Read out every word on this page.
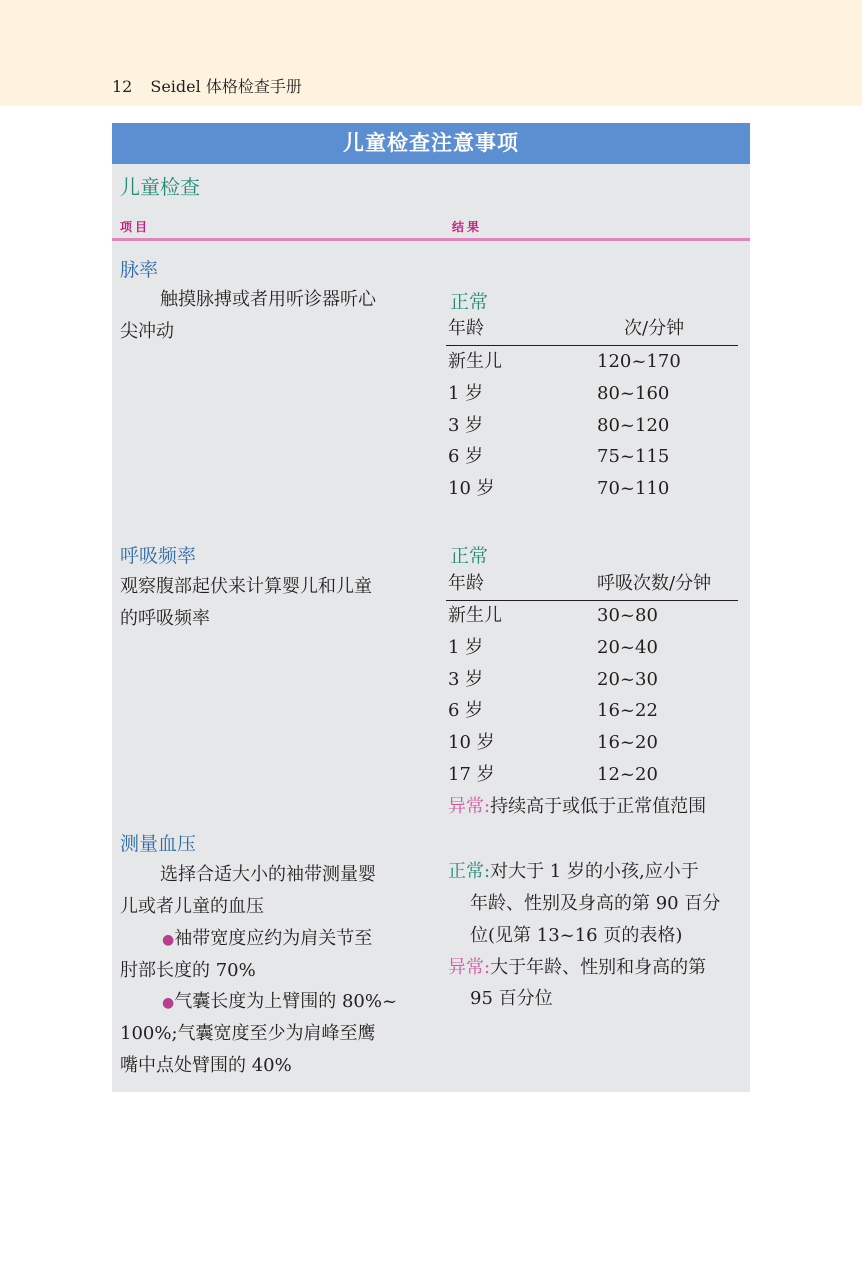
12 Seidel 体格检查手册
儿童检查注意事项
儿童检查
项目	结果
脉率
触摸脉搏或者用听诊器听心
尖冲动
正常
年龄	次/分钟
新生儿	120~170
1 岁	80~160
3 岁	80~120
6 岁	75~115
10 岁	70~110
呼吸频率
观察腹部起伏来计算婴儿和儿童
的呼吸频率
正常
年龄	呼吸次数/分钟
新生儿	30~80
1 岁	20~40
3 岁	20~30
6 岁	16~22
10 岁	16~20
17 岁	12~20
异常:持续高于或低于正常值范围
测量血压
选择合适大小的袖带测量婴
儿或者儿童的血压
●袖带宽度应约为肩关节至
肘部长度的 70%
●气囊长度为上臂围的 80%~
100%;气囊宽度至少为肩峰至鹰
嘴中点处臂围的 40%
正常:对大于 1 岁的小孩,应小于
年龄、性别及身高的第 90 百分
位(见第 13~16 页的表格)
异常:大于年龄、性别和身高的第
95 百分位
